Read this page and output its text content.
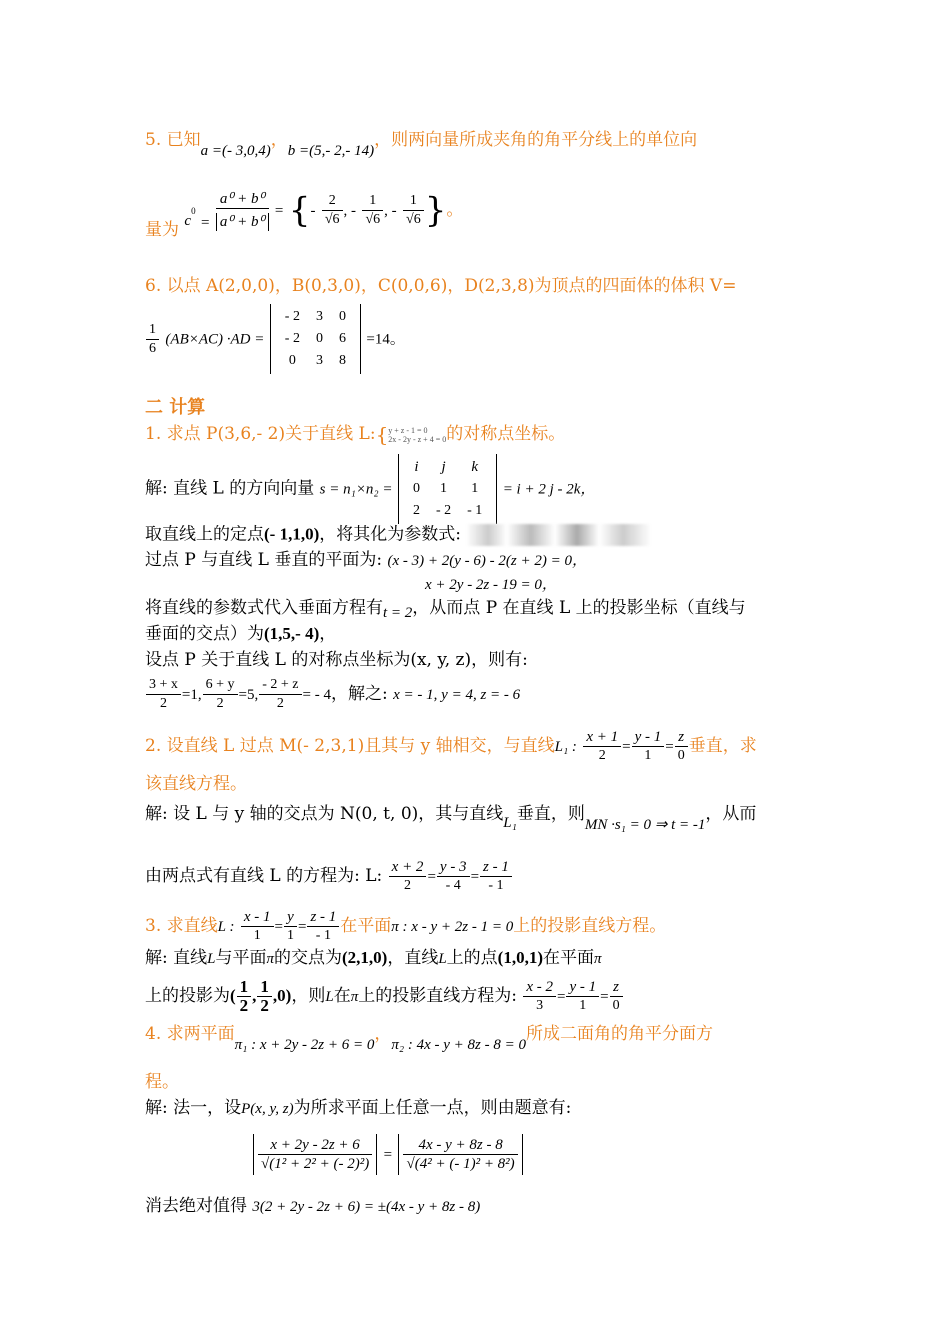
5. 已知a =(- 3,0,4)，b =(5,- 2,- 14)，则两向量所成夹角的角平分线上的单位向
量为 $c^0 = \frac{\text{a⁰ + b⁰}}{\text{a⁰ + b⁰}}$ = {- $\frac{2}{√6}$ , - $\frac{1}{√6}$ , - $\frac{1}{√6}$ }。
6. 以点 A(2,0,0)，B(0,3,0)，C(0,0,6)，D(2,3,8)为顶点的四面体的体积 V=
$\frac{1}{6} (AB\times AC) \cdot AD$ =
- 2	3	0
- 2	0	6
0	3	8
=14。
二 计算
1. 求点 P(3,6,- 2)关于直线 L:{ y + z - 1 = 0
2x - 2y - z + 4 = 0 的对称点坐标。
解: 直线 L 的方向向量 s = n₁×n₂ =
i	j	k
0	1	1
2	- 2	- 1
= i + 2 j - 2k，
取直线上的定点(- 1,1,0)，将其化为参数式:
过点 P 与直线 L 垂直的平面为: (x - 3) + 2(y - 6) - 2(z + 2) = 0，
x + 2y - 2z - 19 = 0，
将直线的参数式代入垂面方程有t = 2，从而点 P 在直线 L 上的投影坐标（直线与
垂面的交点）为(1,5,- 4)，
设点 P 关于直线 L 的对称点坐标为(x, y, z)，则有:
$\frac{3 + x}{2} =1$, $\frac{6 + y}{2} =5$, $\frac{- 2 + z}{2}$ = - 4，解之: x = - 1, y = 4, z = - 6
2. 设直线 L 过点 M(- 2,3,1)且其与 y 轴相交，与直线L₁ : $\frac{x + 1}{2} = \frac{y - 1}{1} = \frac{z}{0}$ 垂直，求
该直线方程。
解: 设 L 与 y 轴的交点为 N(0, t, 0)，其与直线L₁垂直，则MN ·s₁ = 0 ⇒ t = -1，从而
由两点式有直线 L 的方程为: L: $\frac{x + 2}{2} = \frac{y - 3}{- 4} = \frac{z - 1}{- 1}$
3. 求直线L : $\frac{x - 1}{1} = \frac{y}{1} = \frac{z - 1}{- 1}$ 在平面π : x - y + 2z - 1 = 0上的投影直线方程。
解: 直线L与平面π的交点为(2,1,0)，直线L上的点(1,0,1)在平面π
上的投影为( $\frac{1}{2}$ , $\frac{1}{2} ,0$)，则L在π上的投影直线方程为: $\frac{x - 2}{3} = \frac{y - 1}{1} = \frac{z}{0}$
4. 求两平面π₁ : x + 2y - 2z + 6 = 0，π₂ : 4x - y + 8z - 8 = 0所成二面角的角平分面方
程。
解: 法一，设P(x, y, z)为所求平面上任意一点，则由题意有:
$\frac{x + 2y - 2z + 6}{\text{√(1² + 2² + (- 2)²)}} = \frac{4x - y + 8z - 8}{\text{√(4² + (- 1)² + 8²)}}$
消去绝对值得 3(2 + 2y - 2z + 6) = ±(4x - y + 8z - 8)
